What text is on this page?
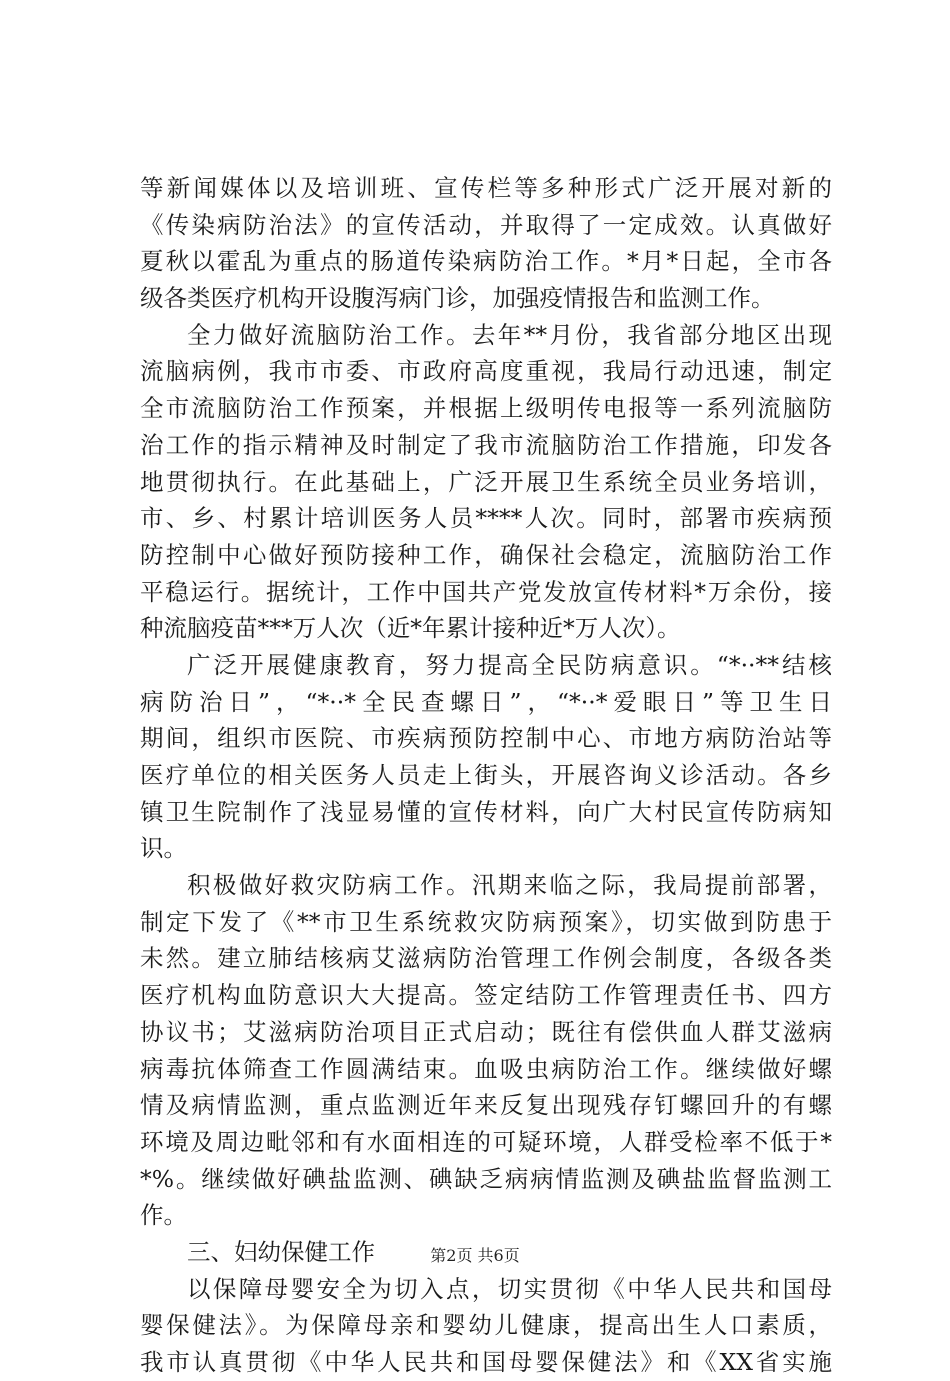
等新闻媒体以及培训班、宣传栏等多种形式广泛开展对新的
《传染病防治法》的宣传活动，并取得了一定成效。认真做好
夏秋以霍乱为重点的肠道传染病防治工作。*月*日起，全市各
级各类医疗机构开设腹泻病门诊，加强疫情报告和监测工作。
全力做好流脑防治工作。去年**月份，我省部分地区出现
流脑病例，我市市委、市政府高度重视，我局行动迅速，制定
全市流脑防治工作预案，并根据上级明传电报等一系列流脑防
治工作的指示精神及时制定了我市流脑防治工作措施，印发各
地贯彻执行。在此基础上，广泛开展卫生系统全员业务培训，
市、乡、村累计培训医务人员****人次。同时，部署市疾病预
防控制中心做好预防接种工作，确保社会稳定，流脑防治工作
平稳运行。据统计，工作中国共产党发放宣传材料*万余份，接
种流脑疫苗***万人次（近*年累计接种近*万人次）。
广泛开展健康教育，努力提高全民防病意识。“*··**结核
病防治日”，“*··*全民查螺日”，“*··*爱眼日”等卫生日
期间，组织市医院、市疾病预防控制中心、市地方病防治站等
医疗单位的相关医务人员走上街头，开展咨询义诊活动。各乡
镇卫生院制作了浅显易懂的宣传材料，向广大村民宣传防病知
识。
积极做好救灾防病工作。汛期来临之际，我局提前部署，
制定下发了《**市卫生系统救灾防病预案》，切实做到防患于
未然。建立肺结核病艾滋病防治管理工作例会制度，各级各类
医疗机构血防意识大大提高。签定结防工作管理责任书、四方
协议书；艾滋病防治项目正式启动；既往有偿供血人群艾滋病
病毒抗体筛查工作圆满结束。血吸虫病防治工作。继续做好螺
情及病情监测，重点监测近年来反复出现残存钉螺回升的有螺
环境及周边毗邻和有水面相连的可疑环境，人群受检率不低于*
*%。继续做好碘盐监测、碘缺乏病病情监测及碘盐监督监测工
作。
三、妇幼保健工作
以保障母婴安全为切入点，切实贯彻《中华人民共和国母
婴保健法》。为保障母亲和婴幼儿健康，提高出生人口素质，
我市认真贯彻《中华人民共和国母婴保健法》和《XX省实施
第2页 共6页
